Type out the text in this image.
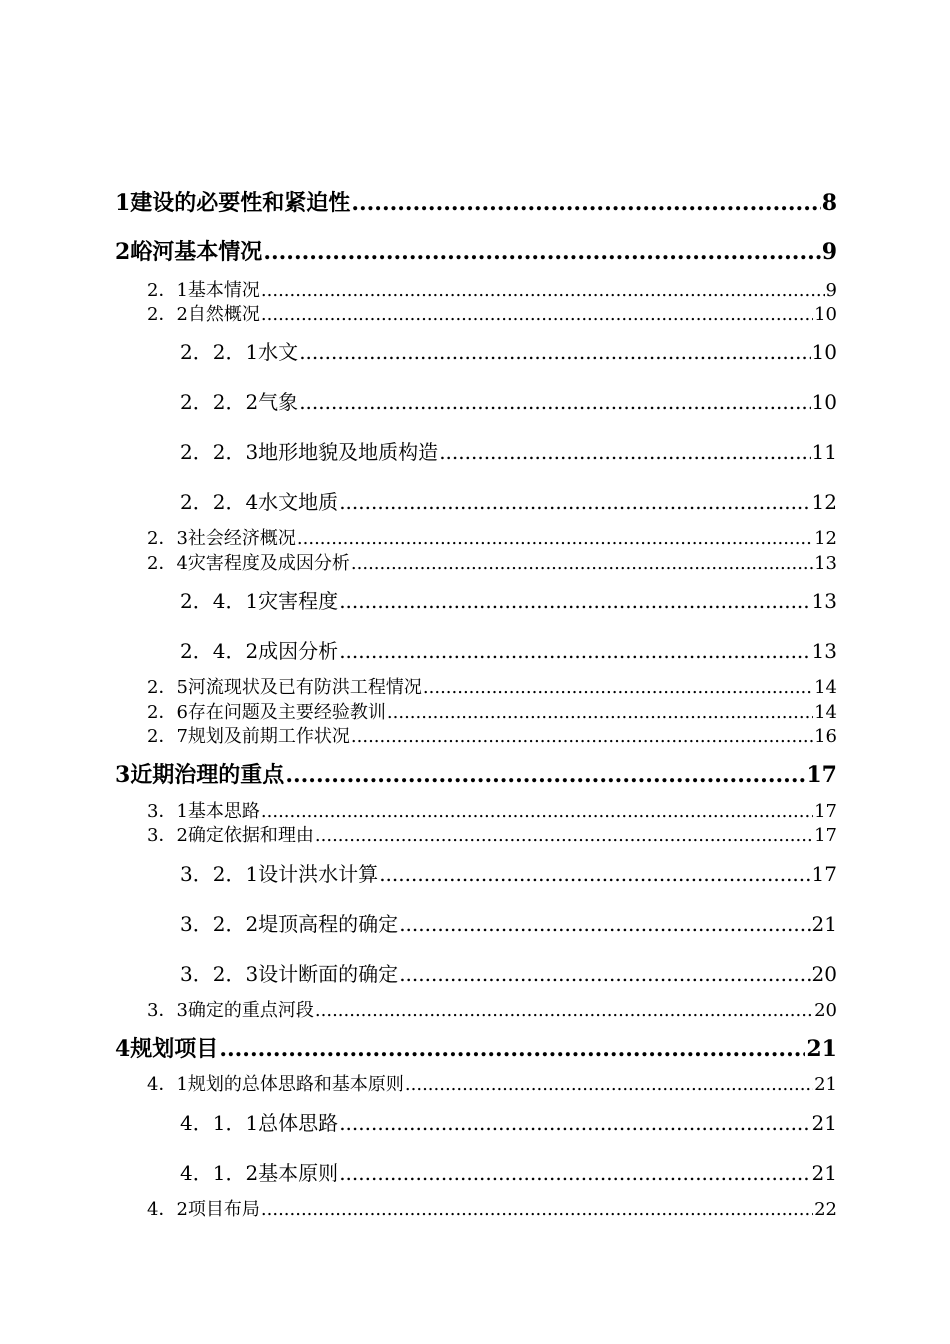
1建设的必要性和紧迫性 .....	8
2峪河基本情况 .....	9
2．1基本情况 .....	9
2．2自然概况 .....	10
2．2．1水文 .....	10
2．2．2气象 .....	10
2．2．3地形地貌及地质构造 .....	11
2．2．4水文地质 .....	12
2．3社会经济概况 .....	12
2．4灾害程度及成因分析 .....	13
2．4．1灾害程度 .....	13
2．4．2成因分析 .....	13
2．5河流现状及已有防洪工程情况 .....	14
2．6存在问题及主要经验教训 .....	14
2．7规划及前期工作状况 .....	16
3近期治理的重点 .....	17
3．1基本思路 .....	17
3．2确定依据和理由 .....	17
3．2．1设计洪水计算 .....	17
3．2．2堤顶高程的确定 .....	21
3．2．3设计断面的确定 .....	20
3．3确定的重点河段 .....	20
4规划项目 .....	21
4．1规划的总体思路和基本原则 .....	21
4．1．1总体思路 .....	21
4．1．2基本原则 .....	21
4．2项目布局 .....	22
